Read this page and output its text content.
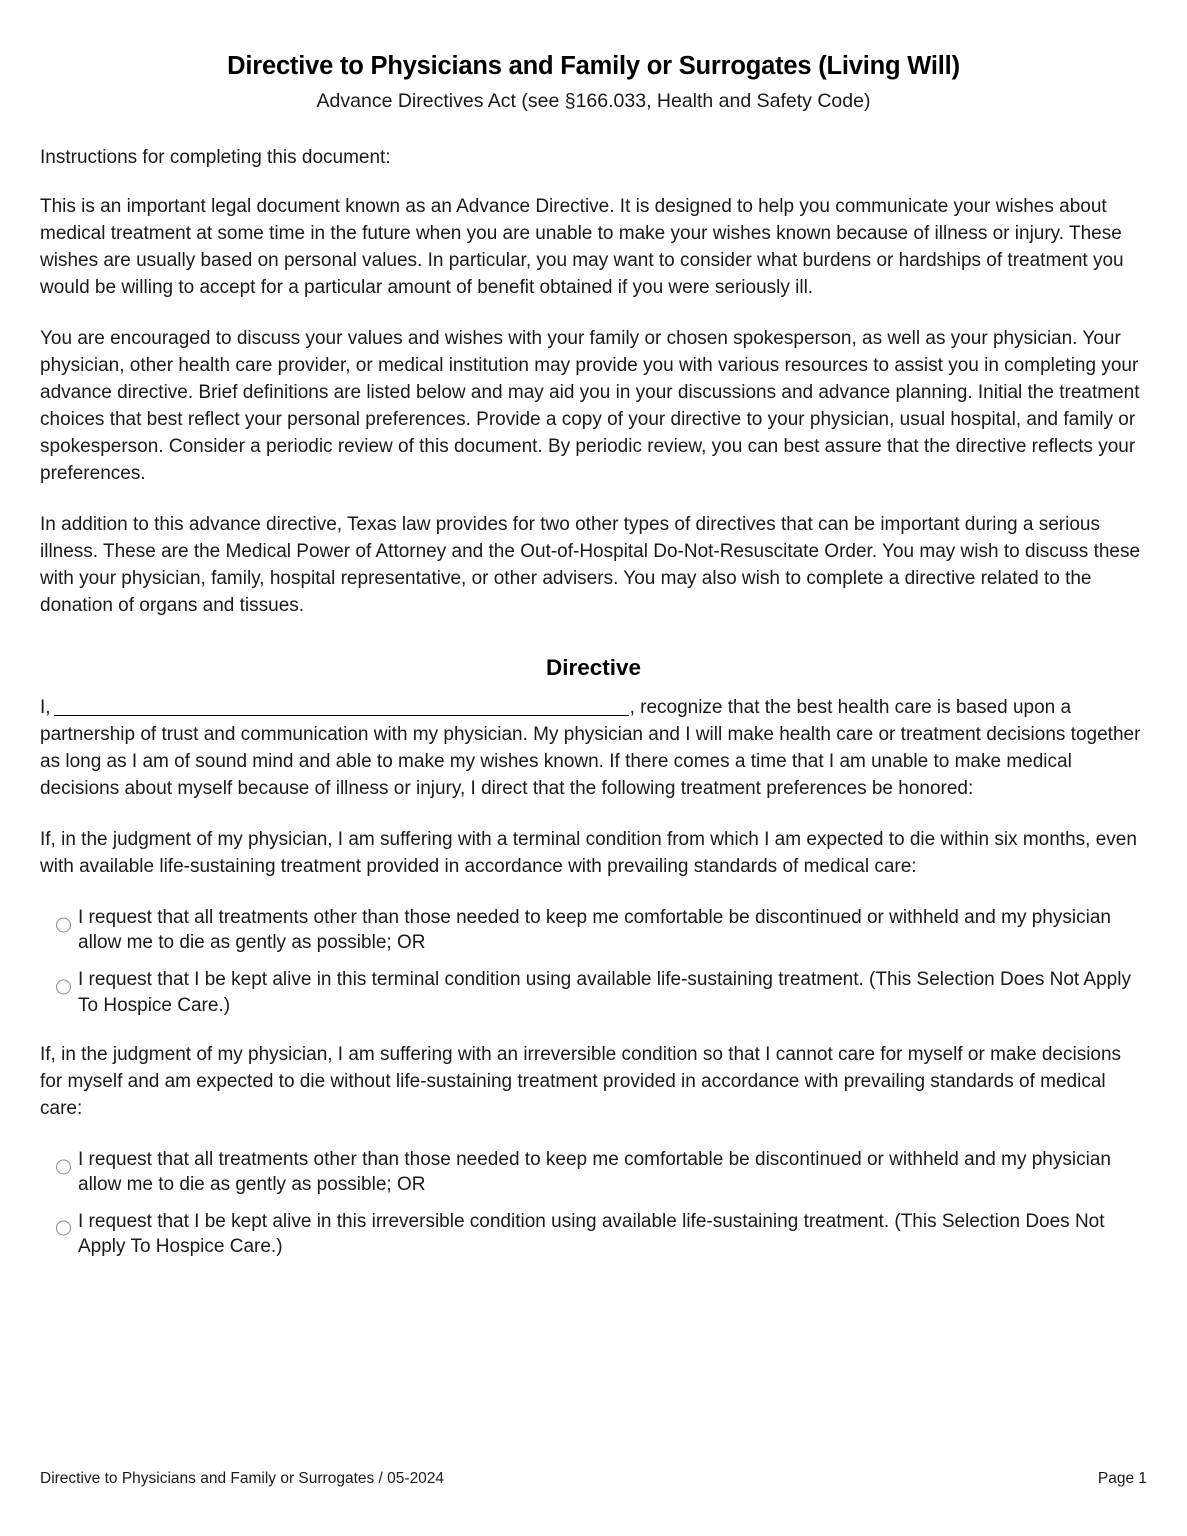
Directive to Physicians and Family or Surrogates (Living Will)
Advance Directives Act (see §166.033, Health and Safety Code)
Instructions for completing this document:

This is an important legal document known as an Advance Directive. It is designed to help you communicate your wishes about medical treatment at some time in the future when you are unable to make your wishes known because of illness or injury. These wishes are usually based on personal values. In particular, you may want to consider what burdens or hardships of treatment you would be willing to accept for a particular amount of benefit obtained if you were seriously ill.

You are encouraged to discuss your values and wishes with your family or chosen spokesperson, as well as your physician. Your physician, other health care provider, or medical institution may provide you with various resources to assist you in completing your advance directive. Brief definitions are listed below and may aid you in your discussions and advance planning. Initial the treatment choices that best reflect your personal preferences. Provide a copy of your directive to your physician, usual hospital, and family or spokesperson. Consider a periodic review of this document. By periodic review, you can best assure that the directive reflects your preferences.

In addition to this advance directive, Texas law provides for two other types of directives that can be important during a serious illness. These are the Medical Power of Attorney and the Out-of-Hospital Do-Not-Resuscitate Order. You may wish to discuss these with your physician, family, hospital representative, or other advisers. You may also wish to complete a directive related to the donation of organs and tissues.

Directive

I,	, recognize that the best health care is based upon a partnership of trust and communication with my physician. My physician and I will make health care or treatment decisions together as long as I am of sound mind and able to make my wishes known. If there comes a time that I am unable to make medical decisions about myself because of illness or injury, I direct that the following treatment preferences be honored:

If, in the judgment of my physician, I am suffering with a terminal condition from which I am expected to die within six months, even with available life-sustaining treatment provided in accordance with prevailing standards of medical care:

I request that all treatments other than those needed to keep me comfortable be discontinued or withheld and my physician allow me to die as gently as possible; OR
I request that I be kept alive in this terminal condition using available life-sustaining treatment. (This Selection Does Not Apply To Hospice Care.)

If, in the judgment of my physician, I am suffering with an irreversible condition so that I cannot care for myself or make decisions for myself and am expected to die without life-sustaining treatment provided in accordance with prevailing standards of medical care:

I request that all treatments other than those needed to keep me comfortable be discontinued or withheld and my physician allow me to die as gently as possible; OR
I request that I be kept alive in this irreversible condition using available life-sustaining treatment. (This Selection Does Not Apply To Hospice Care.)
Directive to Physicians and Family or Surrogates / 05-2024	Page 1
